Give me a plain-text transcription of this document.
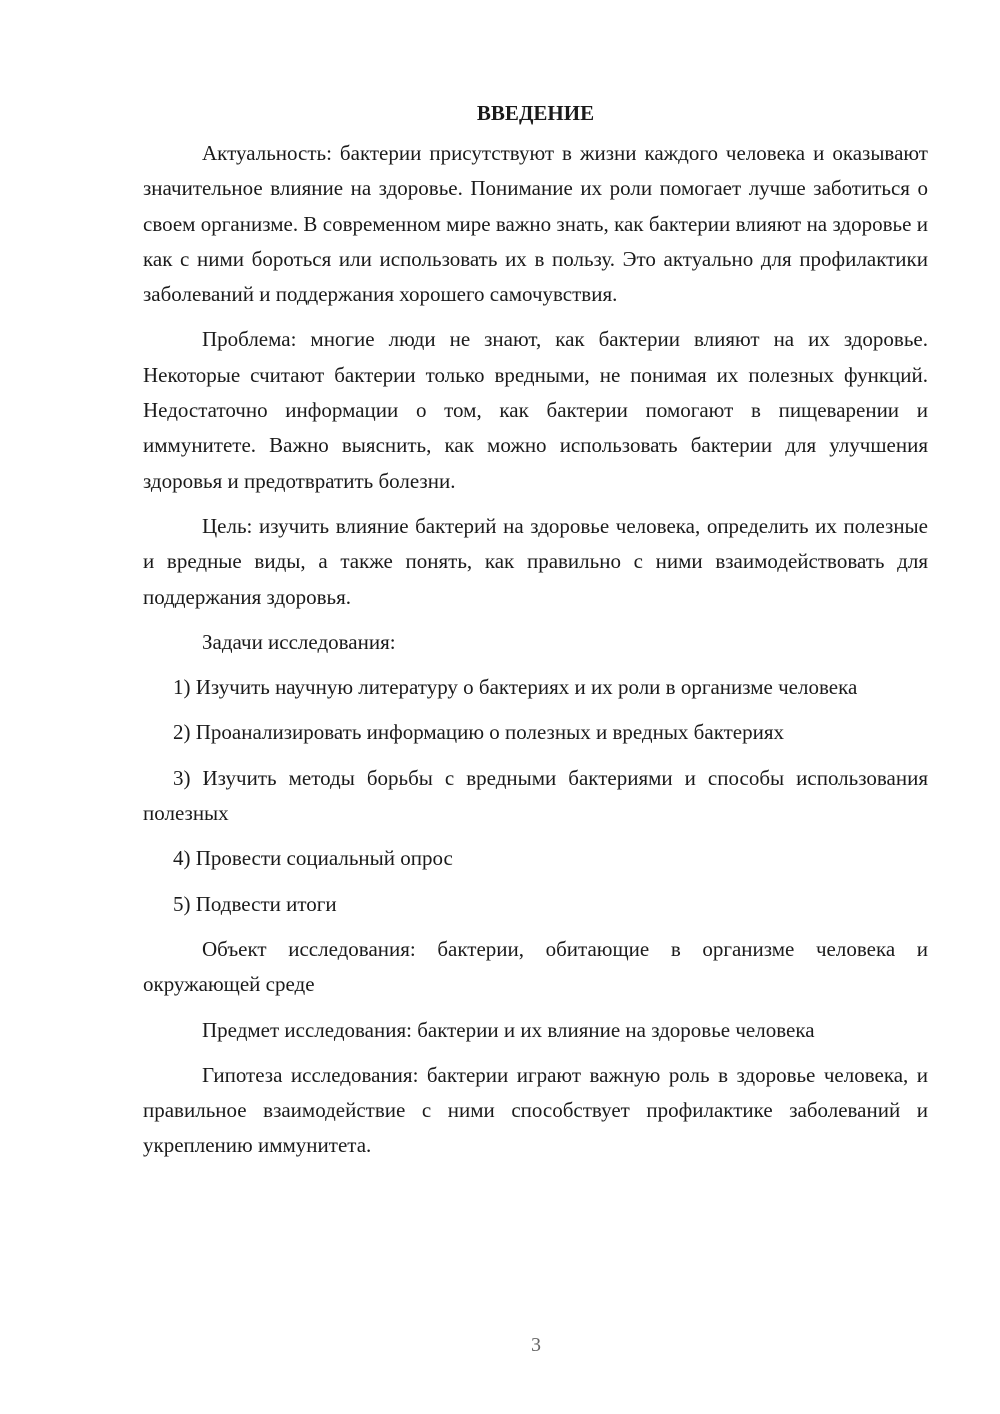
ВВЕДЕНИЕ

Актуальность: бактерии присутствуют в жизни каждого человека и оказывают значительное влияние на здоровье. Понимание их роли помогает лучше заботиться о своем организме. В современном мире важно знать, как бактерии влияют на здоровье и как с ними бороться или использовать их в пользу. Это актуально для профилактики заболеваний и поддержания хорошего самочувствия.

Проблема: многие люди не знают, как бактерии влияют на их здоровье. Некоторые считают бактерии только вредными, не понимая их полезных функций. Недостаточно информации о том, как бактерии помогают в пищеварении и иммунитете. Важно выяснить, как можно использовать бактерии для улучшения здоровья и предотвратить болезни.

Цель: изучить влияние бактерий на здоровье человека, определить их полезные и вредные виды, а также понять, как правильно с ними взаимодействовать для поддержания здоровья.

Задачи исследования:

1) Изучить научную литературу о бактериях и их роли в организме человека

2) Проанализировать информацию о полезных и вредных бактериях

3) Изучить методы борьбы с вредными бактериями и способы использования полезных

4) Провести социальный опрос

5) Подвести итоги

Объект исследования: бактерии, обитающие в организме человека и окружающей среде

Предмет исследования: бактерии и их влияние на здоровье человека

Гипотеза исследования: бактерии играют важную роль в здоровье человека, и правильное взаимодействие с ними способствует профилактике заболеваний и укреплению иммунитета.

3
